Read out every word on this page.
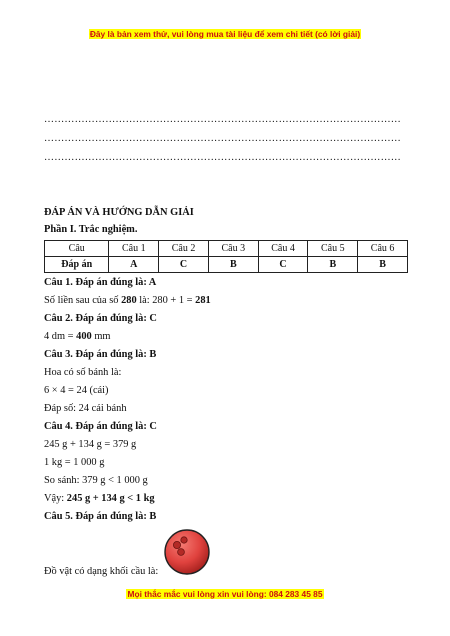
Đây là bản xem thử, vui lòng mua tài liệu để xem chi tiết (có lời giải)
……………………………………………………………………………………………
……………………………………………………………………………………………
……………………………………………………………………………………………
ĐÁP ÁN VÀ HƯỚNG DẪN GIẢI
Phần I. Trắc nghiệm.
Câu	Câu 1	Câu 2	Câu 3	Câu 4	Câu 5	Câu 6
Đáp án	A	C	B	C	B	B
Câu 1. Đáp án đúng là: A
Số liền sau của số 280 là: 280 + 1 = 281
Câu 2. Đáp án đúng là: C
4 dm = 400 mm
Câu 3. Đáp án đúng là: B
Hoa có số bánh là:
6 × 4 = 24 (cái)
Đáp số: 24 cái bánh
Câu 4. Đáp án đúng là: C
245 g + 134 g = 379 g
1 kg = 1 000 g
So sánh: 379 g < 1 000 g
Vậy: 245 g + 134 g < 1 kg
Câu 5. Đáp án đúng là: B
Đồ vật có dạng khối cầu là:
Mọi thắc mắc vui lòng xin vui lòng: 084 283 45 85
